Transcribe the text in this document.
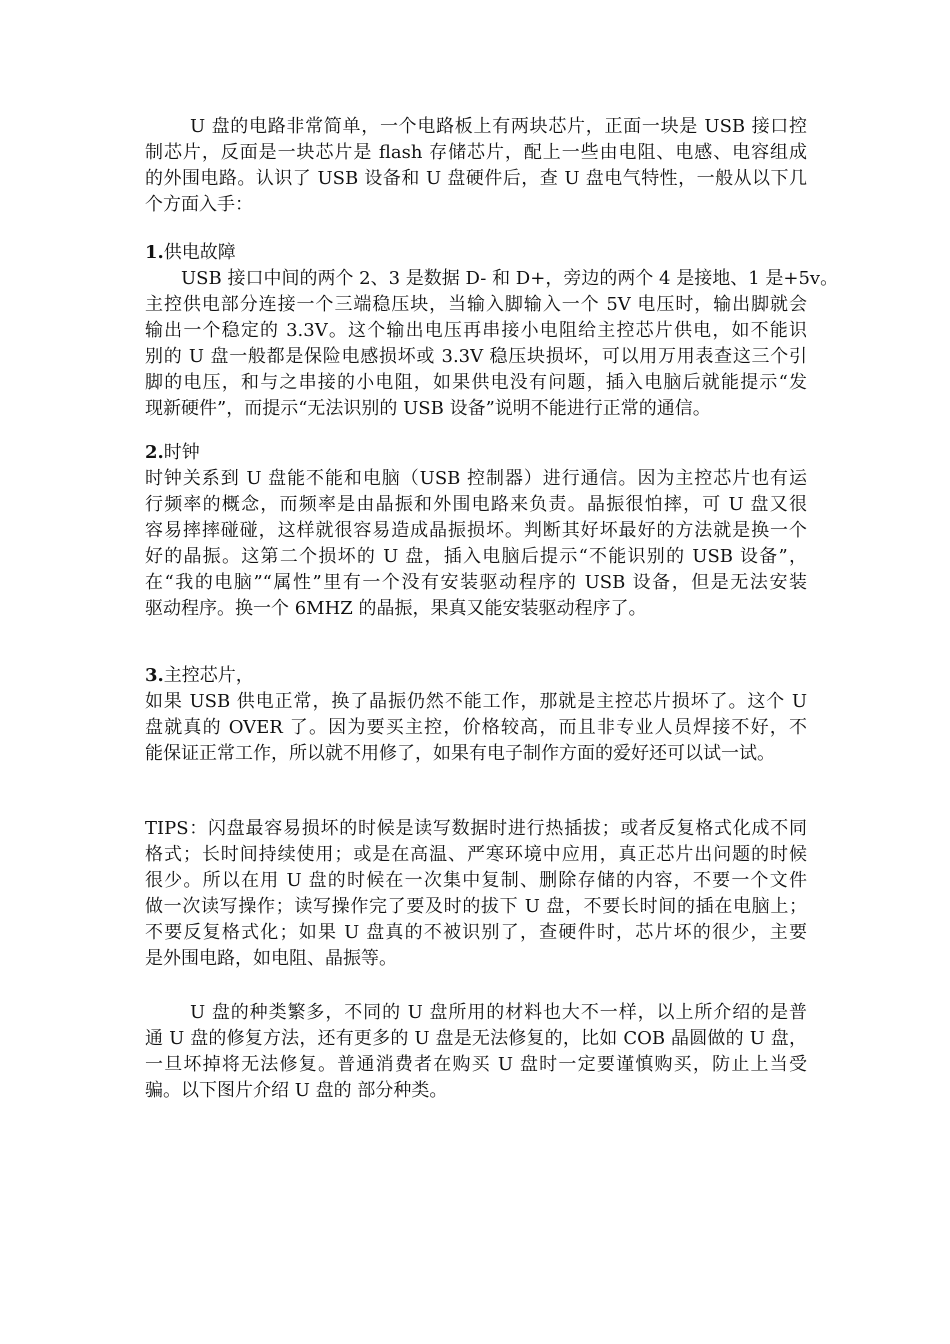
U 盘的电路非常简单，一个电路板上有两块芯片，正面一块是 USB 接口控
制芯片，反面是一块芯片是 flash 存储芯片，配上一些由电阻、电感、电容组成
的外围电路。认识了 USB 设备和 U 盘硬件后，查 U 盘电气特性，一般从以下几
个方面入手：
1.供电故障
USB 接口中间的两个 2、3 是数据 D- 和 D+，旁边的两个 4 是接地、1 是+5v。
主控供电部分连接一个三端稳压块，当输入脚输入一个 5V 电压时，输出脚就会
输出一个稳定的 3.3V。这个输出电压再串接小电阻给主控芯片供电，如不能识
别的 U 盘一般都是保险电感损坏或 3.3V 稳压块损坏，可以用万用表查这三个引
脚的电压，和与之串接的小电阻，如果供电没有问题，插入电脑后就能提示“发
现新硬件”，而提示“无法识别的 USB 设备”说明不能进行正常的通信。
2.时钟
时钟关系到 U 盘能不能和电脑（USB 控制器）进行通信。因为主控芯片也有运
行频率的概念，而频率是由晶振和外围电路来负责。晶振很怕摔，可 U 盘又很
容易摔摔碰碰，这样就很容易造成晶振损坏。判断其好坏最好的方法就是换一个
好的晶振。这第二个损坏的 U 盘，插入电脑后提示“不能识别的 USB 设备”，
在“我的电脑”“属性”里有一个没有安装驱动程序的 USB 设备，但是无法安装
驱动程序。换一个 6MHZ 的晶振，果真又能安装驱动程序了。
3.主控芯片，
如果 USB 供电正常，换了晶振仍然不能工作，那就是主控芯片损坏了。这个 U
盘就真的 OVER 了。因为要买主控，价格较高，而且非专业人员焊接不好，不
能保证正常工作，所以就不用修了，如果有电子制作方面的爱好还可以试一试。
TIPS：闪盘最容易损坏的时候是读写数据时进行热插拔；或者反复格式化成不同
格式；长时间持续使用；或是在高温、严寒环境中应用，真正芯片出问题的时候
很少。所以在用 U 盘的时候在一次集中复制、删除存储的内容，不要一个文件
做一次读写操作；读写操作完了要及时的拔下 U 盘，不要长时间的插在电脑上；
不要反复格式化；如果 U 盘真的不被识别了，查硬件时，芯片坏的很少，主要
是外围电路，如电阻、晶振等。
U 盘的种类繁多，不同的 U 盘所用的材料也大不一样，以上所介绍的是普
通 U 盘的修复方法，还有更多的 U 盘是无法修复的，比如 COB 晶圆做的 U 盘，
一旦坏掉将无法修复。普通消费者在购买 U 盘时一定要谨慎购买，防止上当受
骗。以下图片介绍 U 盘的 部分种类。
